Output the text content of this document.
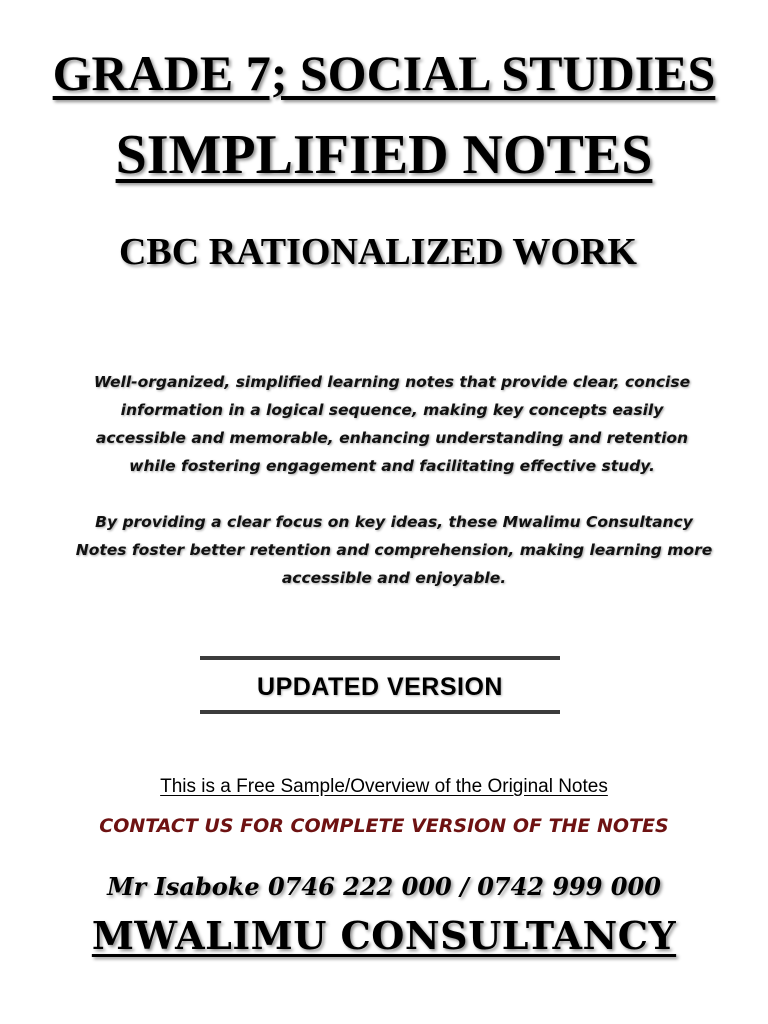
GRADE 7; SOCIAL STUDIES
SIMPLIFIED NOTES
CBC RATIONALIZED WORK
Well-organized, simplified learning notes that provide clear, concise information in a logical sequence, making key concepts easily accessible and memorable, enhancing understanding and retention while fostering engagement and facilitating effective study.
By providing a clear focus on key ideas, these Mwalimu Consultancy Notes foster better retention and comprehension, making learning more accessible and enjoyable.
UPDATED VERSION
This is a Free Sample/Overview of the Original Notes
CONTACT US FOR COMPLETE VERSION OF THE NOTES
Mr Isaboke 0746 222 000 / 0742 999 000
MWALIMU CONSULTANCY
